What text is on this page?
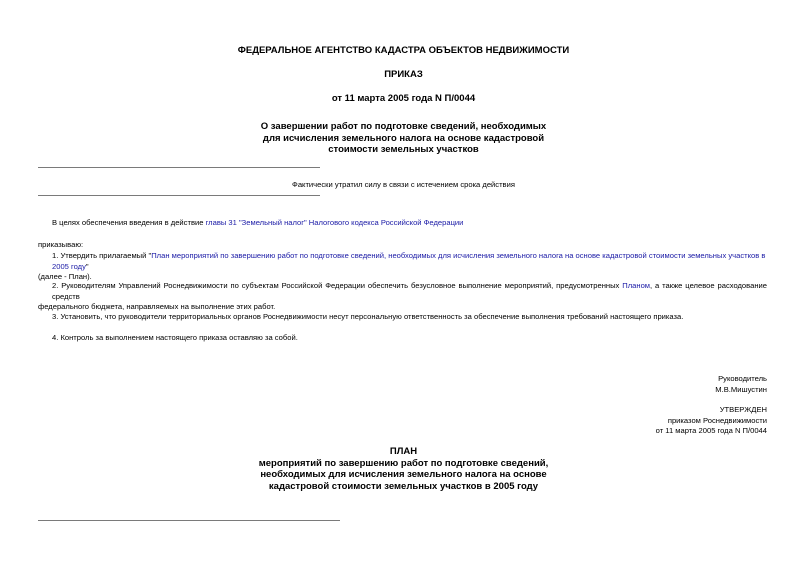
ФЕДЕРАЛЬНОЕ АГЕНТСТВО КАДАСТРА ОБЪЕКТОВ НЕДВИЖИМОСТИ
ПРИКАЗ
от 11 марта 2005 года N П/0044
О завершении работ по подготовке сведений, необходимых
для исчисления земельного налога на основе кадастровой
стоимости земельных участков
Фактически утратил силу в связи с истечением срока действия
В целях обеспечения введения в действие главы 31 "Земельный налог" Налогового кодекса Российской Федерации
приказываю:
1. Утвердить прилагаемый "План мероприятий по завершению работ по подготовке сведений, необходимых для исчисления земельного налога на основе кадастровой стоимости земельных участков в 2005 году"
(далее - План).
2. Руководителям Управлений Роснедвижимости по субъектам Российской Федерации обеспечить безусловное выполнение мероприятий, предусмотренных Планом, а также целевое расходование средств
федерального бюджета, направляемых на выполнение этих работ.
3. Установить, что руководители территориальных органов Роснедвижимости несут персональную ответственность за обеспечение выполнения требований настоящего приказа.
4. Контроль за выполнением настоящего приказа оставляю за собой.
Руководитель
М.В.Мишустин
УТВЕРЖДЕН
приказом Роснедвижимости
от 11 марта 2005 года N П/0044
ПЛАН
мероприятий по завершению работ по подготовке сведений,
необходимых для исчисления земельного налога на основе
кадастровой стоимости земельных участков в 2005 году
